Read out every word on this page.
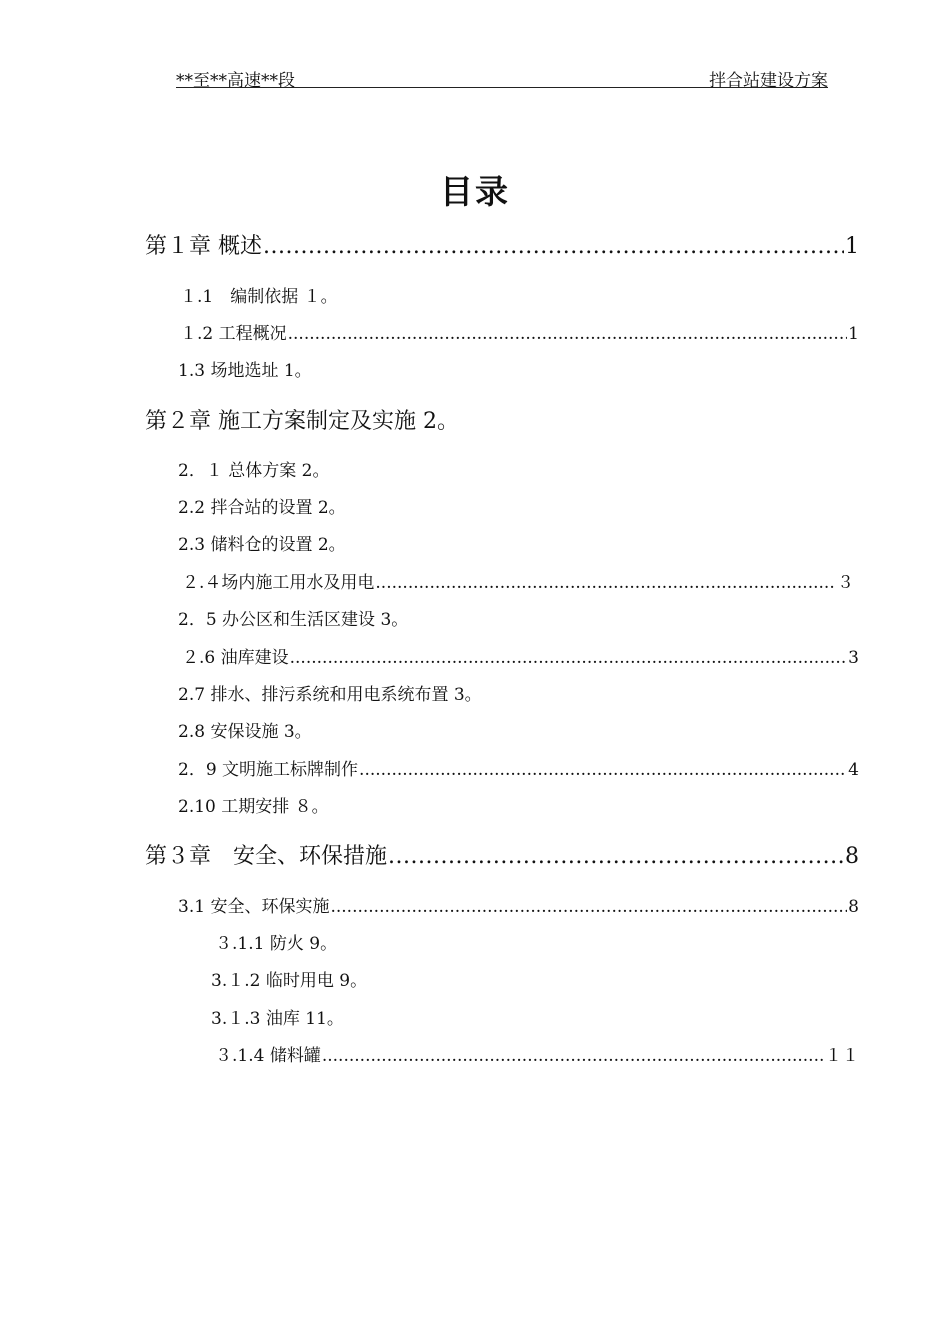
**至**高速**段	拌合站建设方案
目录
第１章 概述 .....	1
１.1　编制依据 １。
１.2 工程概况 .....	1
1.3 场地选址 1。
第２章 施工方案制定及实施 2。
2．１ 总体方案 2。
2.2 拌合站的设置 2。
2.3 储料仓的设置 2。
２.４场内施工用水及用电 .....	３
2．5 办公区和生活区建设 3。
２.6 油库建设 .....	3
2.7 排水、排污系统和用电系统布置 3。
2.8 安保设施 3。
2．9 文明施工标牌制作 .....	4
2.10 工期安排 ８。
第３章　安全、环保措施 .....	8
3.1 安全、环保实施 .....	8
３.1.1 防火 9。
3.１.2 临时用电 9。
3.１.3 油库 11。
３.1.4 储料罐 .....	１１
